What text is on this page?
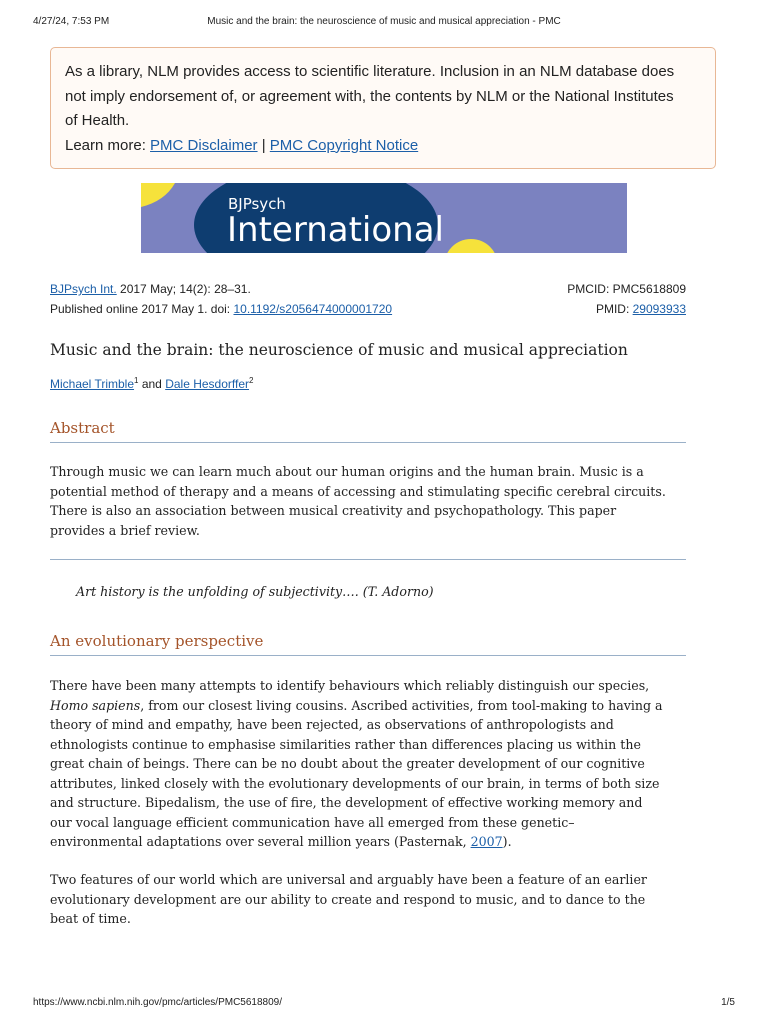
4/27/24, 7:53 PM	Music and the brain: the neuroscience of music and musical appreciation - PMC
As a library, NLM provides access to scientific literature. Inclusion in an NLM database does
not imply endorsement of, or agreement with, the contents by NLM or the National Institutes
of Health.
Learn more: PMC Disclaimer | PMC Copyright Notice
BJPsych
International
BJPsych Int. 2017 May; 14(2): 28–31.	PMCID: PMC5618809
Published online 2017 May 1. doi: 10.1192/s2056474000001720	PMID: 29093933
Music and the brain: the neuroscience of music and musical appreciation
Michael Trimble$^1$ and Dale Hesdorffer$^2$
Abstract
Through music we can learn much about our human origins and the human brain. Music is a
potential method of therapy and a means of accessing and stimulating specific cerebral circuits.
There is also an association between musical creativity and psychopathology. This paper
provides a brief review.
Art history is the unfolding of subjectivity…. (T. Adorno)
An evolutionary perspective
There have been many attempts to identify behaviours which reliably distinguish our species,
Homo sapiens, from our closest living cousins. Ascribed activities, from tool-making to having a
theory of mind and empathy, have been rejected, as observations of anthropologists and
ethnologists continue to emphasise similarities rather than differences placing us within the
great chain of beings. There can be no doubt about the greater development of our cognitive
attributes, linked closely with the evolutionary developments of our brain, in terms of both size
and structure. Bipedalism, the use of fire, the development of effective working memory and
our vocal language efficient communication have all emerged from these genetic–
environmental adaptations over several million years (Pasternak, 2007).
Two features of our world which are universal and arguably have been a feature of an earlier
evolutionary development are our ability to create and respond to music, and to dance to the
beat of time.
https://www.ncbi.nlm.nih.gov/pmc/articles/PMC5618809/	1/5
